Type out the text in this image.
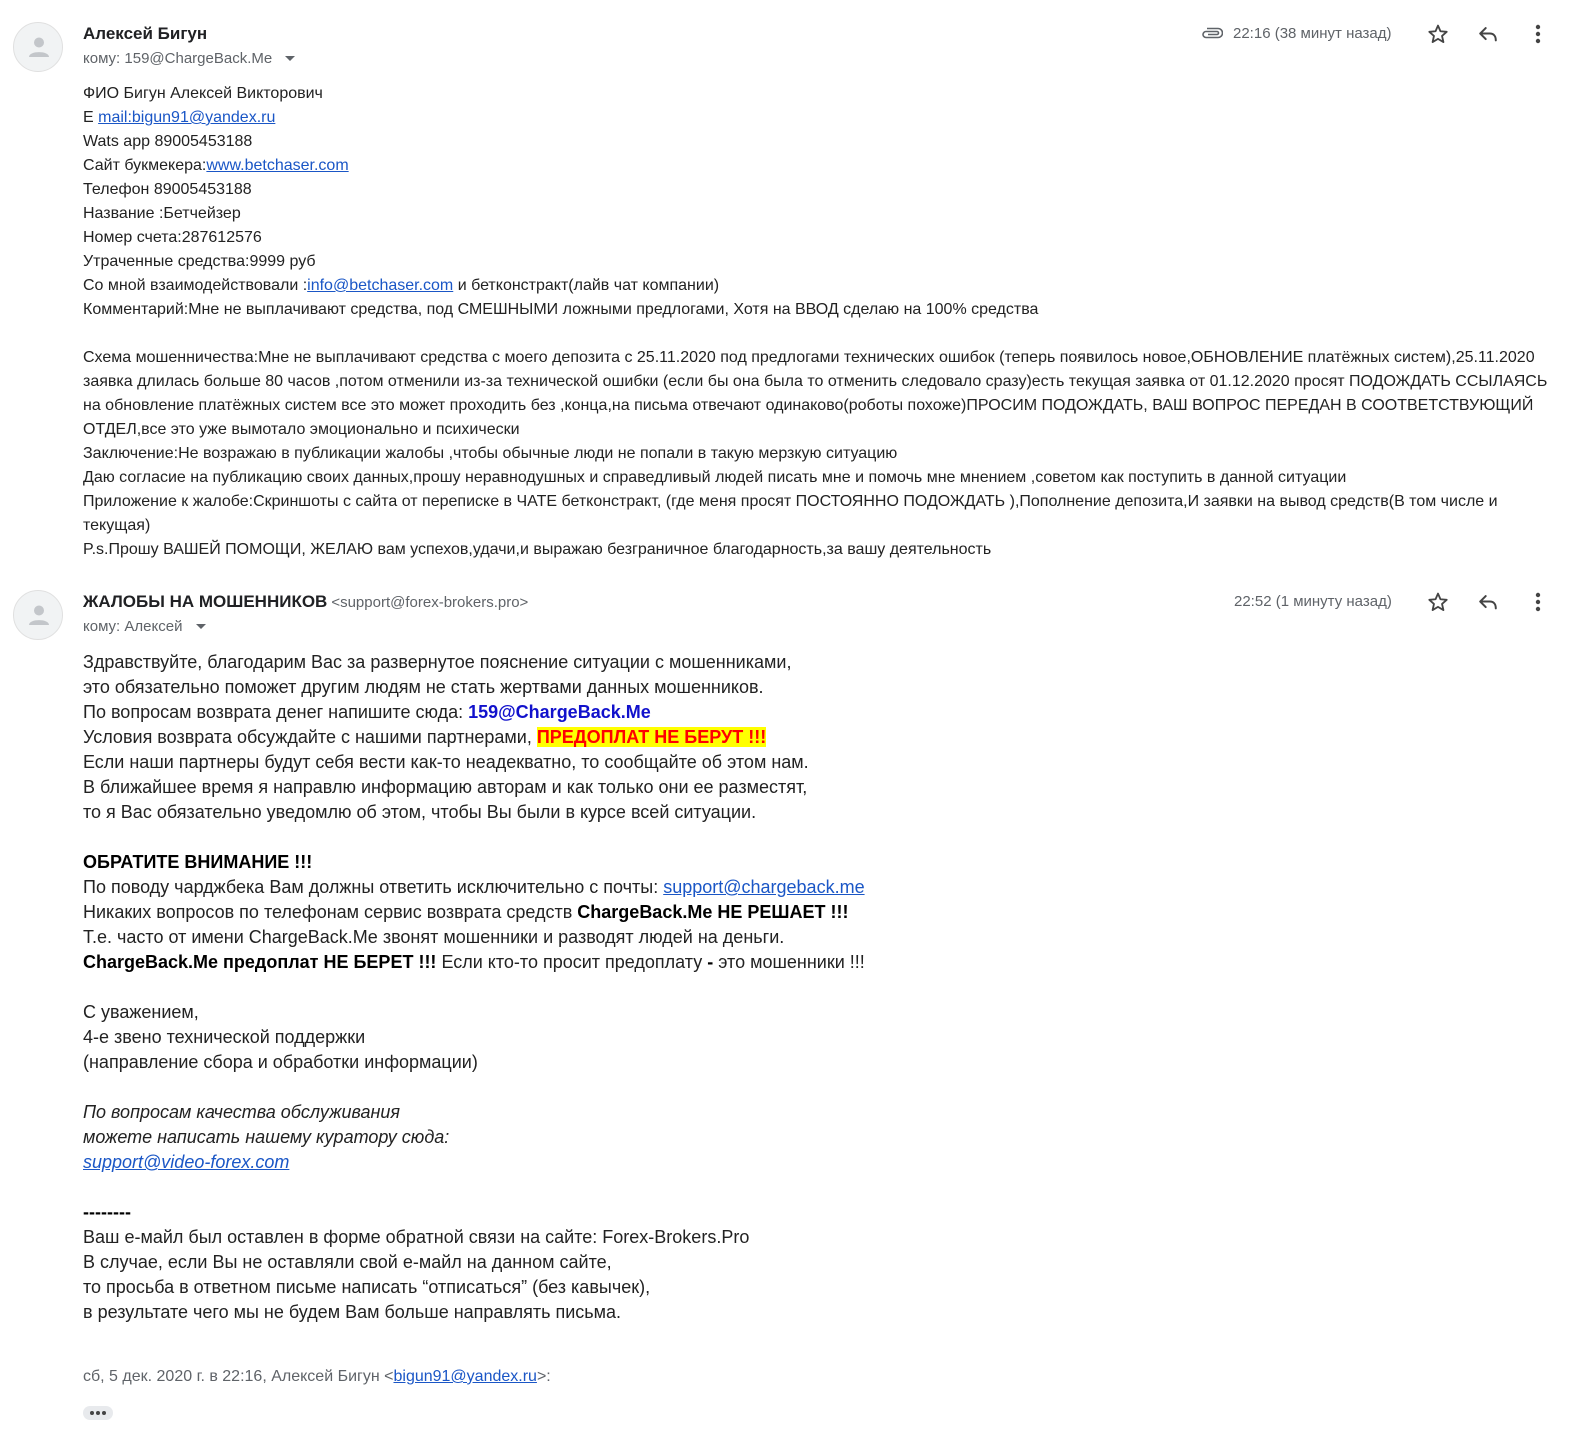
Алексей Бигун
кому: 159@ChargeBack.Me
22:16 (38 минут назад)
ФИО Бигун Алексей Викторович
E mail:bigun91@yandex.ru
Wats app 89005453188
Сайт букмекера:www.betchaser.com
Телефон 89005453188
Название :Бетчейзер
Номер счета:287612576
Утраченные средства:9999 руб
Со мной взаимодействовали :info@betchaser.com и бетконстракт(лайв чат компании)
Комментарий:Мне не выплачивают средства, под СМЕШНЫМИ ложными предлогами, Хотя на ВВОД сделаю на 100% средства
Схема мошенничества:Мне не выплачивают средства с моего депозита с 25.11.2020 под предлогами технических ошибок (теперь появилось новое,ОБНОВЛЕНИЕ платёжных систем),25.11.2020 заявка длилась больше 80 часов ,потом отменили из-за технической ошибки (если бы она была то отменить следовало сразу)есть текущая заявка от 01.12.2020 просят ПОДОЖДАТЬ ССЫЛАЯСЬ на обновление платёжных систем все это может проходить без ,конца,на письма отвечают одинаково(роботы похоже)ПРОСИМ ПОДОЖДАТЬ, ВАШ ВОПРОС ПЕРЕДАН В СООТВЕТСТВУЮЩИЙ ОТДЕЛ,все это уже вымотало эмоционально и психически
Заключение:Не возражаю в публикации жалобы ,чтобы обычные люди не попали в такую мерзкую ситуацию
Даю согласие на публикацию своих данных,прошу неравнодушных и справедливый людей писать мне и помочь мне мнением ,советом как поступить в данной ситуации
Приложение к жалобе:Скриншоты с сайта от переписке в ЧАТЕ бетконстракт, (где меня просят ПОСТОЯННО ПОДОЖДАТЬ ),Пополнение депозита,И заявки на вывод средств(В том числе и текущая)
P.s.Прошу ВАШЕЙ ПОМОЩИ, ЖЕЛАЮ вам успехов,удачи,и выражаю безграничное благодарность,за вашу деятельность
ЖАЛОБЫ НА МОШЕННИКОВ <support@forex-brokers.pro>
кому: Алексей
22:52 (1 минуту назад)
Здравствуйте, благодарим Вас за развернутое пояснение ситуации с мошенниками,
это обязательно поможет другим людям не стать жертвами данных мошенников.
По вопросам возврата денег напишите сюда: 159@ChargeBack.Me
Условия возврата обсуждайте с нашими партнерами, ПРЕДОПЛАТ НЕ БЕРУТ !!!
Если наши партнеры будут себя вести как-то неадекватно, то сообщайте об этом нам.
В ближайшее время я направлю информацию авторам и как только они ее разместят,
то я Вас обязательно уведомлю об этом, чтобы Вы были в курсе всей ситуации.
ОБРАТИТЕ ВНИМАНИЕ !!!
По поводу чарджбека Вам должны ответить исключительно с почты: support@chargeback.me
Никаких вопросов по телефонам сервис возврата средств ChargeBack.Me НЕ РЕШАЕТ !!!
Т.е. часто от имени ChargeBack.Me звонят мошенники и разводят людей на деньги.
ChargeBack.Me предоплат НЕ БЕРЕТ !!! Если кто-то просит предоплату - это мошенники !!!
С уважением,
4-е звено технической поддержки
(направление сбора и обработки информации)
По вопросам качества обслуживания
можете написать нашему куратору сюда:
support@video-forex.com
--------
Ваш е-майл был оставлен в форме обратной связи на сайте: Forex-Brokers.Pro
В случае, если Вы не оставляли свой е-майл на данном сайте,
то просьба в ответном письме написать “отписаться” (без кавычек),
в результате чего мы не будем Вам больше направлять письма.
сб, 5 дек. 2020 г. в 22:16, Алексей Бигун <bigun91@yandex.ru>:
